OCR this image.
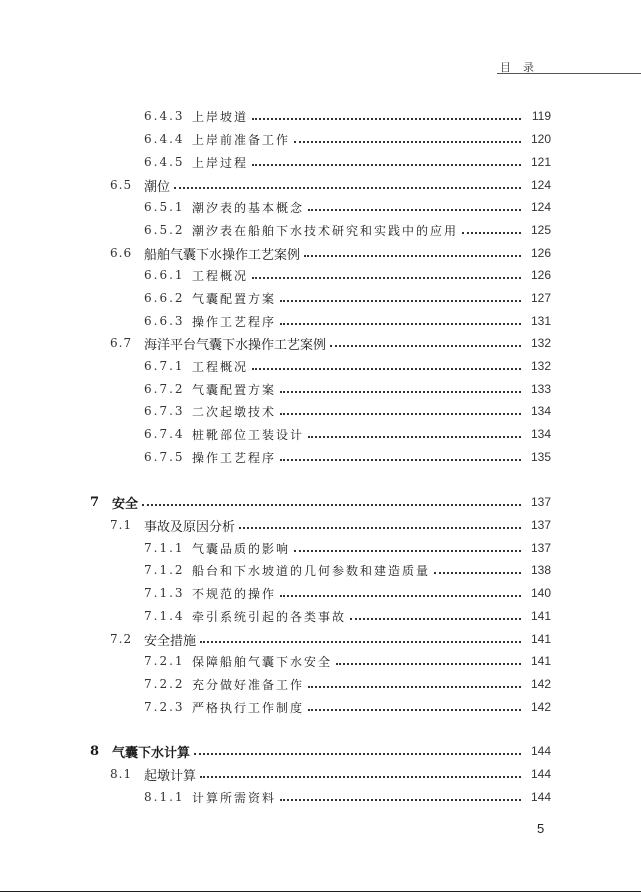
目录
6.4.3 上岸坡道	119
6.4.4 上岸前准备工作	120
6.4.5 上岸过程	121
6.5 潮位	124
6.5.1 潮汐表的基本概念	124
6.5.2 潮汐表在船舶下水技术研究和实践中的应用	125
6.6 船舶气囊下水操作工艺案例	126
6.6.1 工程概况	126
6.6.2 气囊配置方案	127
6.6.3 操作工艺程序	131
6.7 海洋平台气囊下水操作工艺案例	132
6.7.1 工程概况	132
6.7.2 气囊配置方案	133
6.7.3 二次起墩技术	134
6.7.4 桩靴部位工装设计	134
6.7.5 操作工艺程序	135
7 安全	137
7.1 事故及原因分析	137
7.1.1 气囊品质的影响	137
7.1.2 船台和下水坡道的几何参数和建造质量	138
7.1.3 不规范的操作	140
7.1.4 牵引系统引起的各类事故	141
7.2 安全措施	141
7.2.1 保障船舶气囊下水安全	141
7.2.2 充分做好准备工作	142
7.2.3 严格执行工作制度	142
8 气囊下水计算	144
8.1 起墩计算	144
8.1.1 计算所需资料	144
5
